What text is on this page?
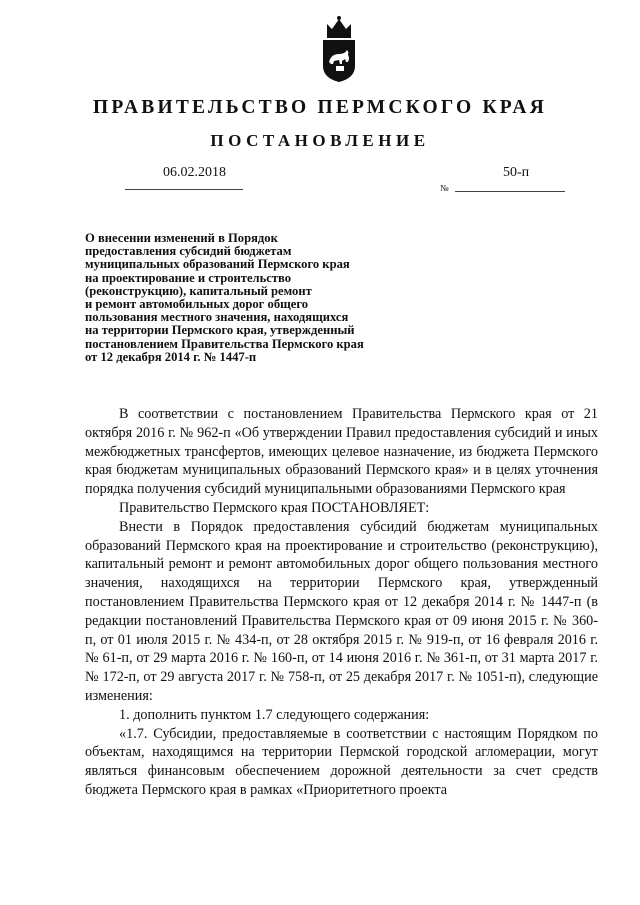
ПРАВИТЕЛЬСТВО ПЕРМСКОГО КРАЯ
ПОСТАНОВЛЕНИЕ
06.02.2018	50-п
№
О внесении изменений в Порядок
предоставления субсидий бюджетам
муниципальных образований Пермского края
на проектирование и строительство
(реконструкцию), капитальный ремонт
и ремонт автомобильных дорог общего
пользования местного значения, находящихся
на территории Пермского края, утвержденный
постановлением Правительства Пермского края
от 12 декабря 2014 г. № 1447-п

В соответствии с постановлением Правительства Пермского края от 21 октября 2016 г. № 962-п «Об утверждении Правил предоставления субсидий и иных межбюджетных трансфертов, имеющих целевое назначение, из бюджета Пермского края бюджетам муниципальных образований Пермского края» и в целях уточнения порядка получения субсидий муниципальными образованиями Пермского края

Правительство Пермского края ПОСТАНОВЛЯЕТ:

Внести в Порядок предоставления субсидий бюджетам муниципальных образований Пермского края на проектирование и строительство (реконструкцию), капитальный ремонт и ремонт автомобильных дорог общего пользования местного значения, находящихся на территории Пермского края, утвержденный постановлением Правительства Пермского края от 12 декабря 2014 г. № 1447-п (в редакции постановлений Правительства Пермского края от 09 июня 2015 г. № 360-п, от 01 июля 2015 г. № 434-п, от 28 октября 2015 г. № 919-п, от 16 февраля 2016 г. № 61-п, от 29 марта 2016 г. № 160-п, от 14 июня 2016 г. № 361-п, от 31 марта 2017 г. № 172-п, от 29 августа 2017 г. № 758-п, от 25 декабря 2017 г. № 1051-п), следующие изменения:

1. дополнить пунктом 1.7 следующего содержания:

«1.7. Субсидии, предоставляемые в соответствии с настоящим Порядком по объектам, находящимся на территории Пермской городской агломерации, могут являться финансовым обеспечением дорожной деятельности за счет средств бюджета Пермского края в рамках «Приоритетного проекта
